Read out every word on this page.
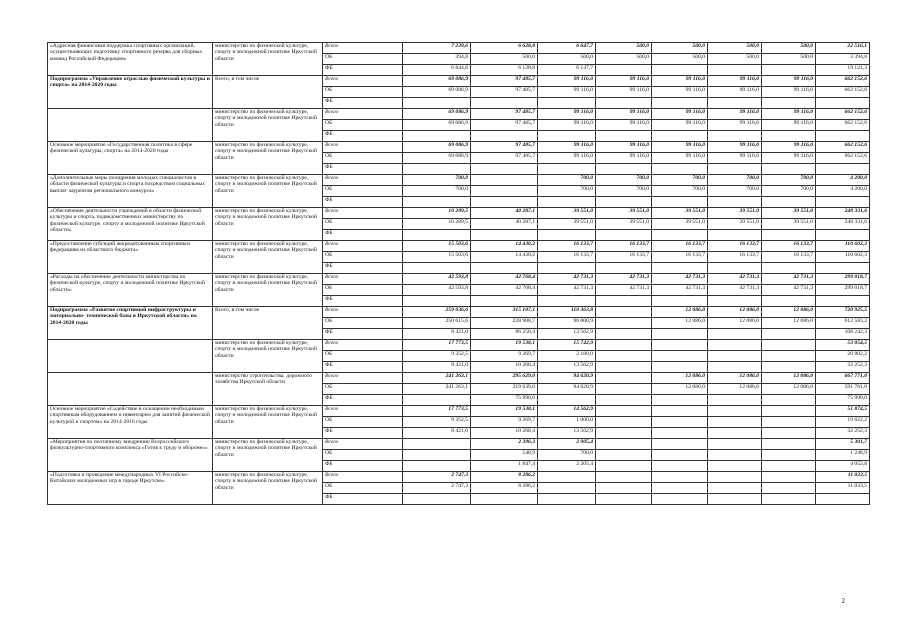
«Адресная финансовая поддержка спортивных организаций, осуществляющих подготовку спортивного резерва для сборных команд Российской Федерации»	министерство по физической культуре, спорту и молодежной политике Иркутской области	Всего	7 239,6	6 628,8	6 647,7	500,0	500,0	500,0	500,0	22 516,1
		ОБ	394,8	500,0	500,0	500,0	500,0	500,0	500,0	3 394,8
		ФБ	6 844,8	6 128,8	6 147,7					19 121,3
Подпрограмма «Управление отраслью физической культуры и спорта» на 2014-2020 годы	Всего, в том числе	Всего	69 086,9	97 485,7	99 116,0	99 116,0	99 116,0	99 116,0	99 116,0	662 152,6
		ОБ	69 086,9	97 485,7	99 116,0	99 116,0	99 116,0	99 116,0	99 116,0	662 152,6
		ФБ								
	министерство по физической культуре, спорту и молодежной политике Иркутской области	Всего	69 086,9	97 485,7	99 116,0	99 116,0	99 116,0	99 116,0	99 116,0	662 152,6
		ОБ	69 086,9	97 485,7	99 116,0	99 116,0	99 116,0	99 116,0	99 116,0	662 152,6
		ФБ								
Основное мероприятие «Государственная политика в сфере физической культуры, спорта» на 2014-2020 годы	министерство по физической культуре, спорту и молодежной политике Иркутской области	Всего	69 086,9	97 485,7	99 116,0	99 116,0	99 116,0	99 116,0	99 116,0	662 152,6
		ОБ	69 086,9	97 485,7	99 116,0	99 116,0	99 116,0	99 116,0	99 116,0	662 152,6
		ФБ								
«Дополнительные меры поощрения молодых специалистов в области физической культуры и спорта посредством социальных выплат лауреатам регионального конкурса»	министерство по физической культуре, спорту и молодежной политике Иркутской области	Всего	700,0		700,0	700,0	700,0	700,0	700,0	4 200,0
		ОБ	700,0		700,0	700,0	700,0	700,0	700,0	4 200,0
		ФБ								
«Обеспечение деятельности учреждений в области физической культуры и спорта, подведомственных министерству по физической культуре, спорту и молодежной политике Иркутской области»	министерство по физической культуре, спорту и молодежной политике Иркутской области	Всего	10 289,5	40 287,1	39 551,0	39 551,0	39 551,0	39 551,0	39 551,0	248 331,6
		ОБ	10 289,5	40 287,1	39 551,0	39 551,0	39 551,0	39 551,0	39 551,0	248 331,6
		ФБ								
«Предоставление субсидий аккредитованным спортивным федерациям из областного бюджета»	министерство по физической культуре, спорту и молодежной политике Иркутской области	Всего	15 503,6	14 430,2	16 133,7	16 133,7	16 133,7	16 133,7	16 133,7	110 602,3
		ОБ	15 503,6	14 430,2	16 133,7	16 133,7	16 133,7	16 133,7	16 133,7	110 602,3
		ФБ								
«Расходы на обеспечение деятельности министерства по физической культуре, спорту и молодежной политике Иркутской области»	министерство по физической культуре, спорту и молодежной политике Иркутской области	Всего	42 593,8	42 768,4	42 731,3	42 731,3	42 731,3	42 731,3	42 731,3	299 018,7
		ОБ	42 593,8	42 768,4	42 731,3	42 731,3	42 731,3	42 731,3	42 731,3	299 018,7
		ФБ								
Подпрограмма «Развитие спортивной инфраструктуры и материально- технической базы в Иркутской области» на 2014-2020 годы	Всего, в том числе	Всего	259 036,6	315 107,1	110 363,8		12 086,0	12 086,0	12 086,0	720 925,5
		ОБ	250 615,6	228 908,7	96 800,9		12 086,0	12 086,0	12 086,0	612 583,2
		ФБ	8 421,0	86 258,4	13 562,9					108 242,3
	министерство по физической культуре, спорту и молодежной политике Иркутской области	Всего	17 773,5	19 538,1	15 742,9					53 054,5
		ОБ	9 352,5	9 269,7	2 180,0					20 802,2
		ФБ	8 421,0	10 268,4	13 562,9					32 252,3
	министерство строительства, дорожного хозяйства Иркутской области	Всего	241 263,1	295 629,0	94 620,9		12 086,0	12 086,0	12 086,0	667 771,0
		ОБ	241 263,1	219 639,0	94 620,9		12 086,0	12 086,0	12 086,0	591 781,0
		ФБ		75 990,0						75 990,0
Основное мероприятие «Содействие в оснащении необходимым спортивным оборудованием и инвентарем для занятий физической культурой и спортом» на 2014-2016 годы	министерство по физической культуре, спорту и молодежной политике Иркутской области	Всего	17 773,5	19 538,1	14 562,9					51 874,5
		ОБ	9 352,5	9 269,7	1 000,0					19 622,2
		ФБ	8 421,0	10 268,4	13 562,9					32 252,3
«Мероприятия по поэтапному внедрению Всероссийского физкультурно-спортивного комплекса «Готов к труду и обороне»»	министерство по физической культуре, спорту и молодежной политике Иркутской области	Всего		2 396,3	2 905,4					5 301,7
		ОБ		548,9	700,0					1 248,9
		ФБ		1 847,4	2 205,4					4 052,8
«Подготовка и проведение международных VI Российско-Китайских молодежных игр в городе Иркутске»	министерство по физической культуре, спорту и молодежной политике Иркутской области	Всего	2 747,3	8 286,2						11 033,5
		ОБ	2 747,3	8 286,2						11 033,5
		ФБ								
2
